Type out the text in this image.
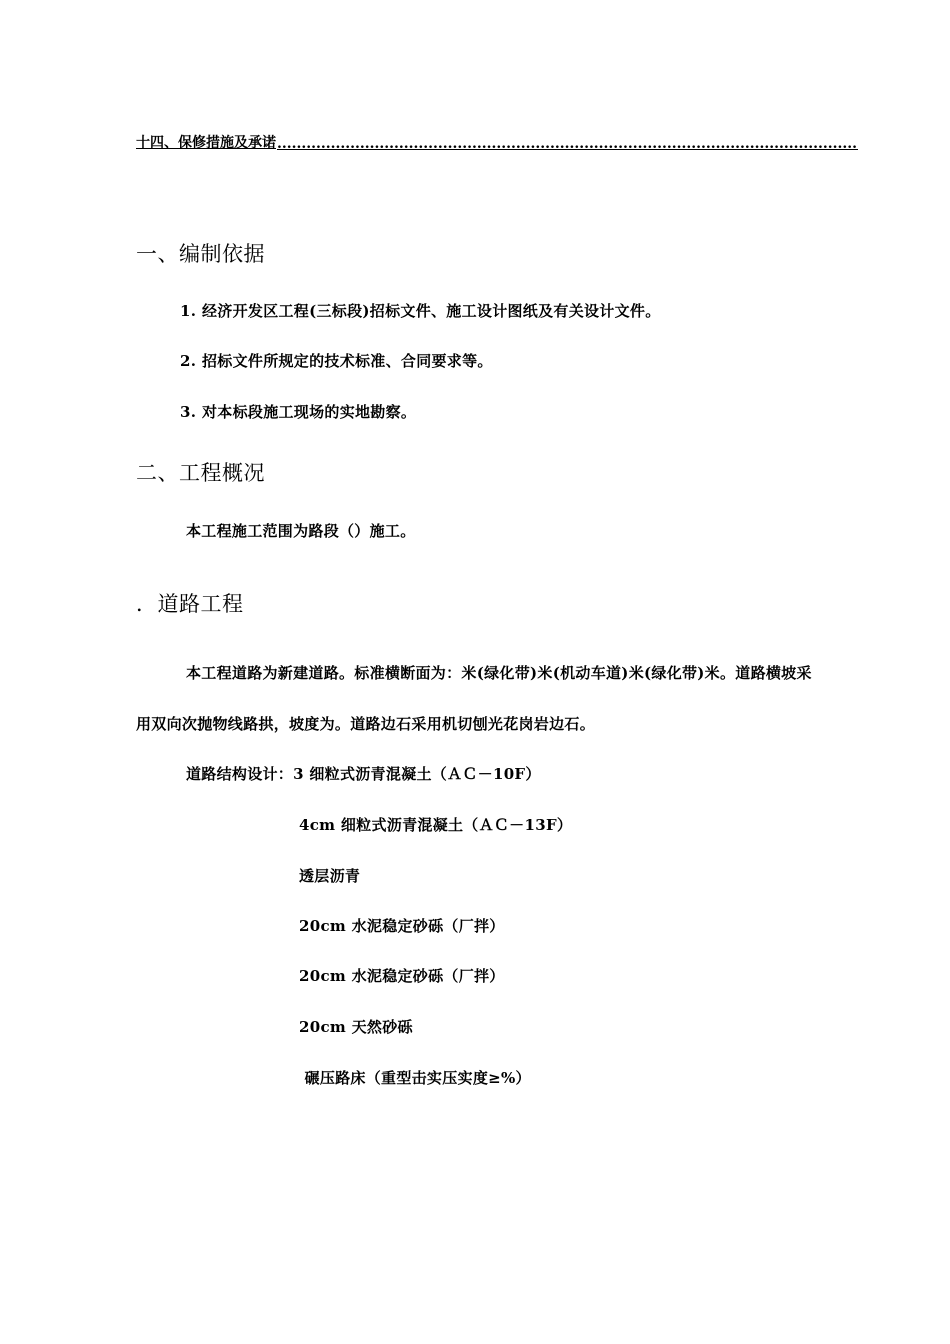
十四、保修措施及承诺
.....
一、编制依据
1. 经济开发区工程(三标段)招标文件、施工设计图纸及有关设计文件。
2. 招标文件所规定的技术标准、合同要求等。
3. 对本标段施工现场的实地勘察。
二、工程概况
本工程施工范围为路段（）施工。
．道路工程
本工程道路为新建道路。标准横断面为：米(绿化带)米(机动车道)米(绿化带)米。道路横坡采
用双向次抛物线路拱，坡度为。道路边石采用机切刨光花岗岩边石。
道路结构设计：3 细粒式沥青混凝土（ＡＣ－10F）
4cm 细粒式沥青混凝土（ＡＣ－13F）
透层沥青
20cm 水泥稳定砂砾（厂拌）
20cm 水泥稳定砂砾（厂拌）
20cm 天然砂砾
碾压路床（重型击实压实度≥%）
